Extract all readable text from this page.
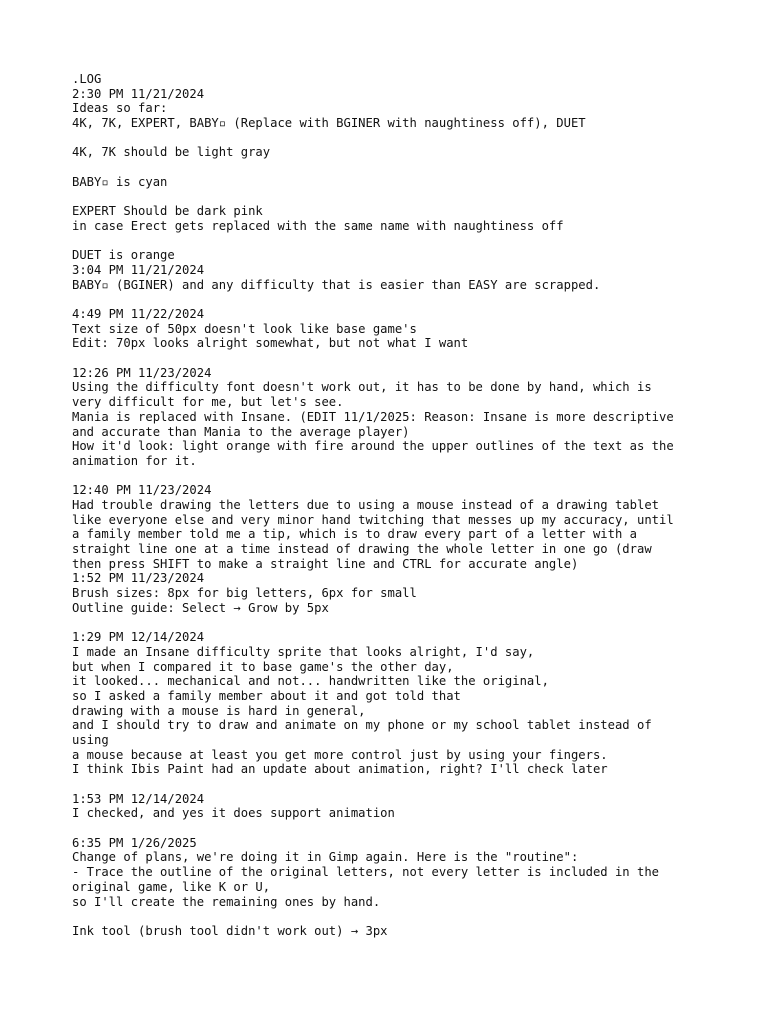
.LOG
2:30 PM 11/21/2024
Ideas so far:
4K, 7K, EXPERT, BABY▫ (Replace with BGINER with naughtiness off), DUET
4K, 7K should be light gray
BABY▫ is cyan
EXPERT Should be dark pink
in case Erect gets replaced with the same name with naughtiness off
DUET is orange
3:04 PM 11/21/2024
BABY▫ (BGINER) and any difficulty that is easier than EASY are scrapped.
4:49 PM 11/22/2024
Text size of 50px doesn't look like base game's
Edit: 70px looks alright somewhat, but not what I want
12:26 PM 11/23/2024
Using the difficulty font doesn't work out, it has to be done by hand, which is
very difficult for me, but let's see.
Mania is replaced with Insane. (EDIT 11/1/2025: Reason: Insane is more descriptive
and accurate than Mania to the average player)
How it'd look: light orange with fire around the upper outlines of the text as the
animation for it.
12:40 PM 11/23/2024
Had trouble drawing the letters due to using a mouse instead of a drawing tablet
like everyone else and very minor hand twitching that messes up my accuracy, until
a family member told me a tip, which is to draw every part of a letter with a
straight line one at a time instead of drawing the whole letter in one go (draw
then press SHIFT to make a straight line and CTRL for accurate angle)
1:52 PM 11/23/2024
Brush sizes: 8px for big letters, 6px for small
Outline guide: Select → Grow by 5px
1:29 PM 12/14/2024
I made an Insane difficulty sprite that looks alright, I'd say,
but when I compared it to base game's the other day,
it looked... mechanical and not... handwritten like the original,
so I asked a family member about it and got told that
drawing with a mouse is hard in general,
and I should try to draw and animate on my phone or my school tablet instead of
using
a mouse because at least you get more control just by using your fingers.
I think Ibis Paint had an update about animation, right? I'll check later
1:53 PM 12/14/2024
I checked, and yes it does support animation
6:35 PM 1/26/2025
Change of plans, we're doing it in Gimp again. Here is the "routine":
- Trace the outline of the original letters, not every letter is included in the
original game, like K or U,
so I'll create the remaining ones by hand.
Ink tool (brush tool didn't work out) → 3px
